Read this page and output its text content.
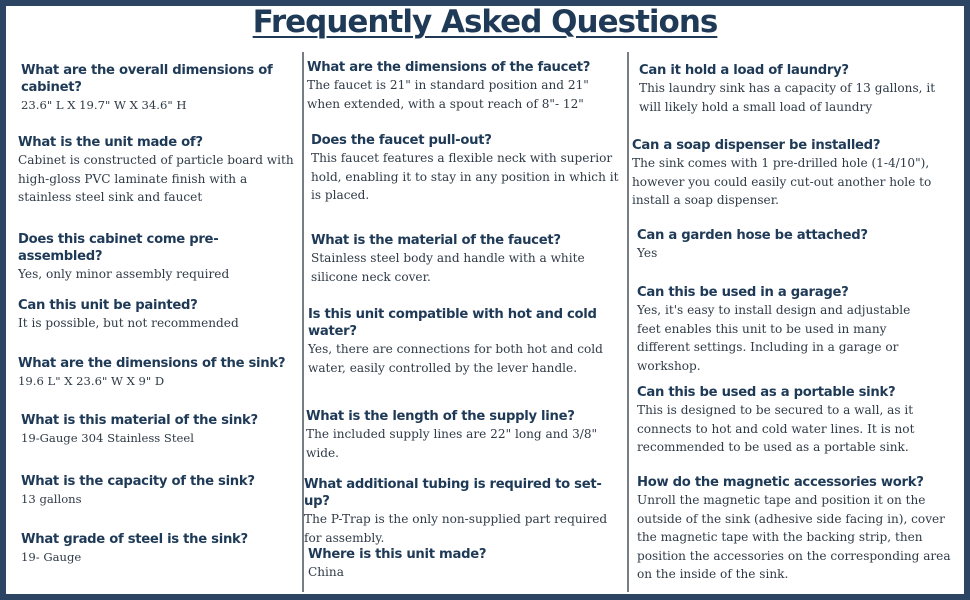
Frequently Asked Questions
What are the overall dimensions of cabinet?
23.6" L X 19.7" W X 34.6" H
What is the unit made of?
Cabinet is constructed of particle board with high-gloss PVC laminate finish with a stainless steel sink and faucet
Does this cabinet come pre-assembled?
Yes, only minor assembly required
Can this unit be painted?
It is possible, but not recommended
What are the dimensions of the sink?
19.6 L" X 23.6" W X 9" D
What is this material of the sink?
19-Gauge 304 Stainless Steel
What is the capacity of the sink?
13 gallons
What grade of steel is the sink?
19- Gauge
What are the dimensions of the faucet?
The faucet is 21" in standard position and 21" when extended, with a spout reach of 8"- 12"
Does the faucet pull-out?
This faucet features a flexible neck with superior hold, enabling it to stay in any position in which it is placed.
What is the material of the faucet?
Stainless steel body and handle with a white silicone neck cover.
Is this unit compatible with hot and cold water?
Yes, there are connections for both hot and cold water, easily controlled by the lever handle.
What is the length of the supply line?
The included supply lines are 22" long and 3/8" wide.
What additional tubing is required to set-up?
The P-Trap is the only non-supplied part required for assembly.
Where is this unit made?
China
Can it hold a load of laundry?
This laundry sink has a capacity of 13 gallons, it will likely hold a small load of laundry
Can a soap dispenser be installed?
The sink comes with 1 pre-drilled hole (1-4/10"), however you could easily cut-out another hole to install a soap dispenser.
Can a garden hose be attached?
Yes
Can this be used in a garage?
Yes, it's easy to install design and adjustable feet enables this unit to be used in many different settings. Including in a garage or workshop.
Can this be used as a portable sink?
This is designed to be secured to a wall, as it connects to hot and cold water lines. It is not recommended to be used as a portable sink.
How do the magnetic accessories work?
Unroll the magnetic tape and position it on the outside of the sink (adhesive side facing in), cover the magnetic tape with the backing strip, then position the accessories on the corresponding area on the inside of the sink.
